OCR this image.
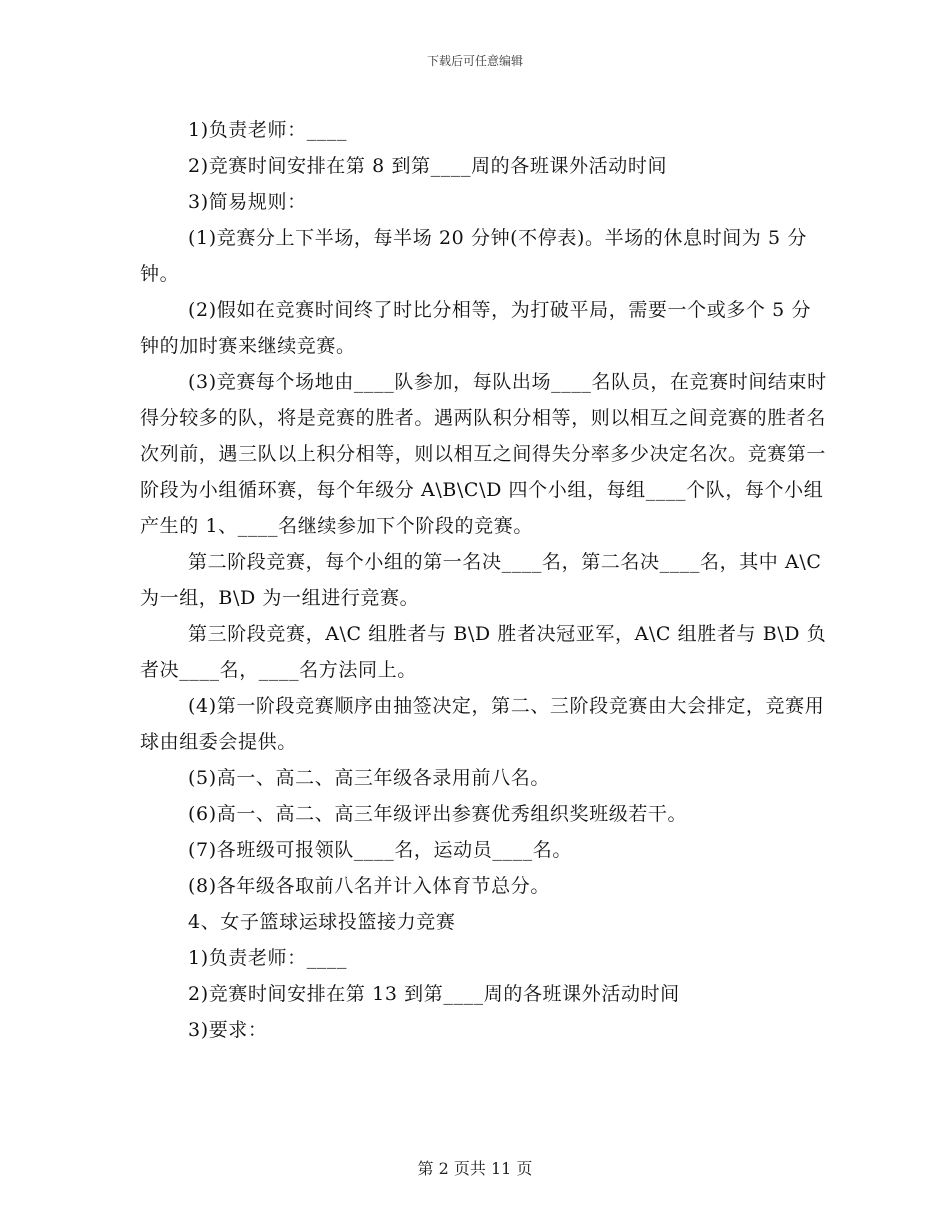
下载后可任意编辑
1)负责老师：____
2)竞赛时间安排在第 8 到第____周的各班课外活动时间
3)简易规则：
(1)竞赛分上下半场，每半场 20 分钟(不停表)。半场的休息时间为 5 分钟。
(2)假如在竞赛时间终了时比分相等，为打破平局，需要一个或多个 5 分钟的加时赛来继续竞赛。
(3)竞赛每个场地由____队参加，每队出场____名队员，在竞赛时间结束时得分较多的队，将是竞赛的胜者。遇两队积分相等，则以相互之间竞赛的胜者名次列前，遇三队以上积分相等，则以相互之间得失分率多少决定名次。竞赛第一阶段为小组循环赛，每个年级分 A\B\C\D 四个小组，每组____个队，每个小组产生的 1、____名继续参加下个阶段的竞赛。
第二阶段竞赛，每个小组的第一名决____名，第二名决____名，其中 A\C 为一组，B\D 为一组进行竞赛。
第三阶段竞赛，A\C 组胜者与 B\D 胜者决冠亚军，A\C 组胜者与 B\D 负者决____名，____名方法同上。
(4)第一阶段竞赛顺序由抽签决定，第二、三阶段竞赛由大会排定，竞赛用球由组委会提供。
(5)高一、高二、高三年级各录用前八名。
(6)高一、高二、高三年级评出参赛优秀组织奖班级若干。
(7)各班级可报领队____名，运动员____名。
(8)各年级各取前八名并计入体育节总分。
4、女子篮球运球投篮接力竞赛
1)负责老师：____
2)竞赛时间安排在第 13 到第____周的各班课外活动时间
3)要求：
第 2 页共 11 页
